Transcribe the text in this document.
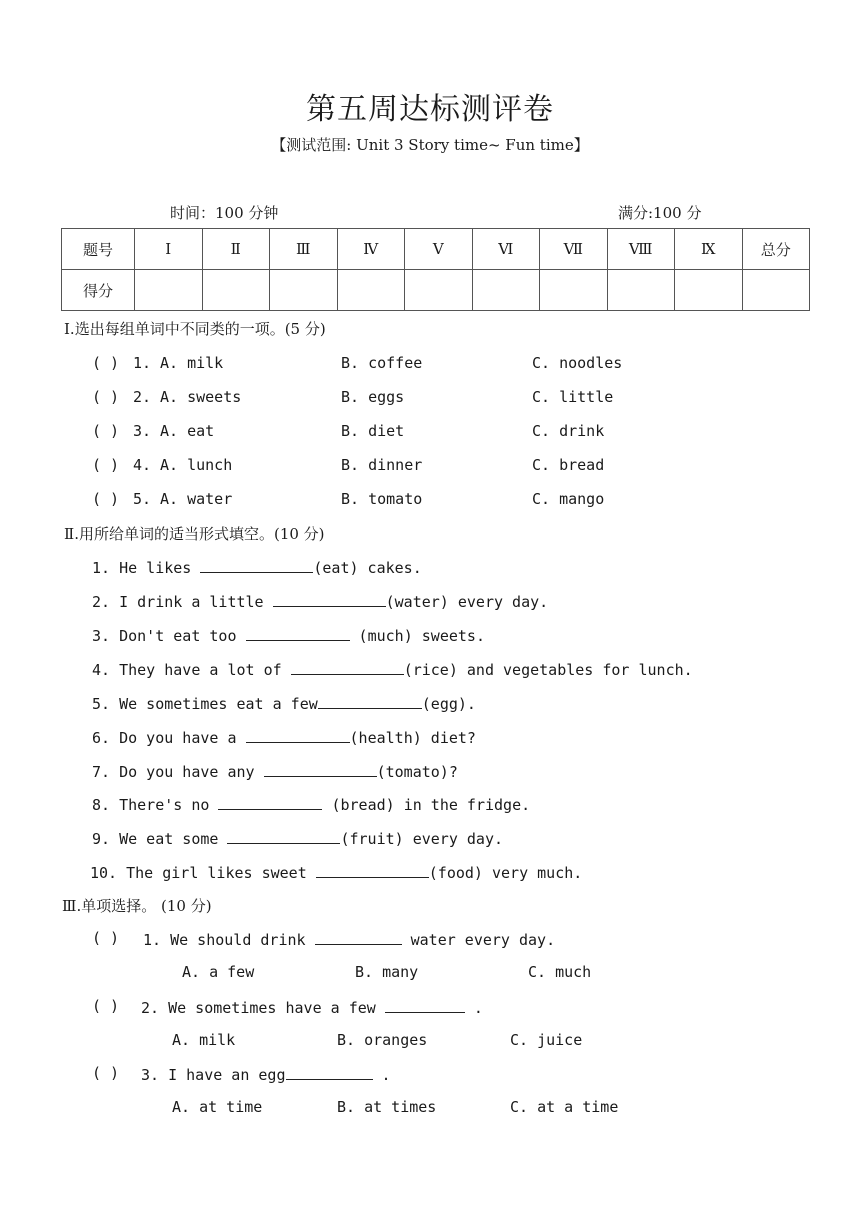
第五周达标测评卷
【测试范围: Unit 3 Story time~ Fun time】
时间：100 分钟	满分:100 分
题号	Ⅰ	Ⅱ	Ⅲ	Ⅳ	Ⅴ	Ⅵ	Ⅶ	Ⅷ	Ⅸ	总分
得分										
Ⅰ.选出每组单词中不同类的一项。(5 分)
( ) 1. A. milk	B. coffee	C. noodles
( ) 2. A. sweets	B. eggs	C. little
( ) 3. A. eat	B. diet	C. drink
( ) 4. A. lunch	B. dinner	C. bread
( ) 5. A. water	B. tomato	C. mango
Ⅱ.用所给单词的适当形式填空。(10 分)
1. He likes	(eat) cakes.
2. I drink a little	(water) every day.
3. Don't eat too	(much) sweets.
4. They have a lot of	(rice) and vegetables for lunch.
5. We sometimes eat a few	(egg).
6. Do you have a	(health) diet?
7. Do you have any	(tomato)?
8. There's no	(bread) in the fridge.
9. We eat some	(fruit) every day.
10. The girl likes sweet	(food) very much.
Ⅲ.单项选择。 (10 分)
( ) 1. We should drink	water every day.
A. a few	B. many	C. much
( ) 2. We sometimes have a few	.
A. milk	B. oranges	C. juice
( ) 3. I have an egg	.
A. at time	B. at times	C. at a time
